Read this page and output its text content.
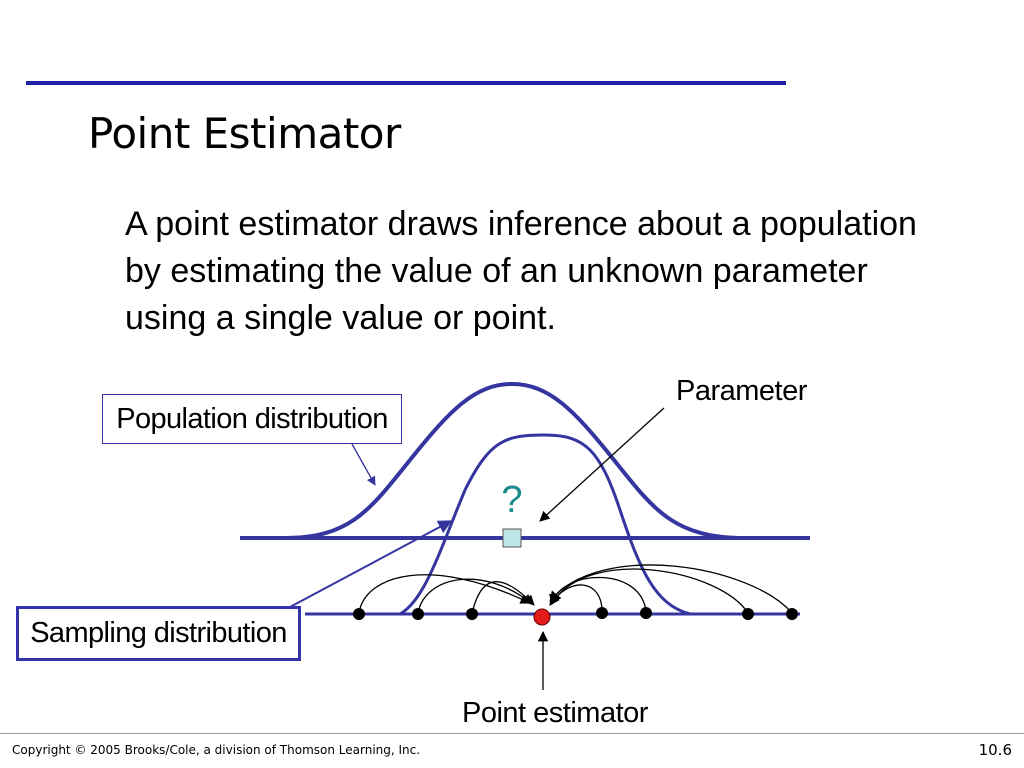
Point Estimator
A point estimator draws inference about a population by estimating the value of an unknown parameter using a single value or point.
?
Parameter
Point estimator
Population distribution
Sampling distribution
Copyright © 2005 Brooks/Cole, a division of Thomson Learning, Inc.	10.6
